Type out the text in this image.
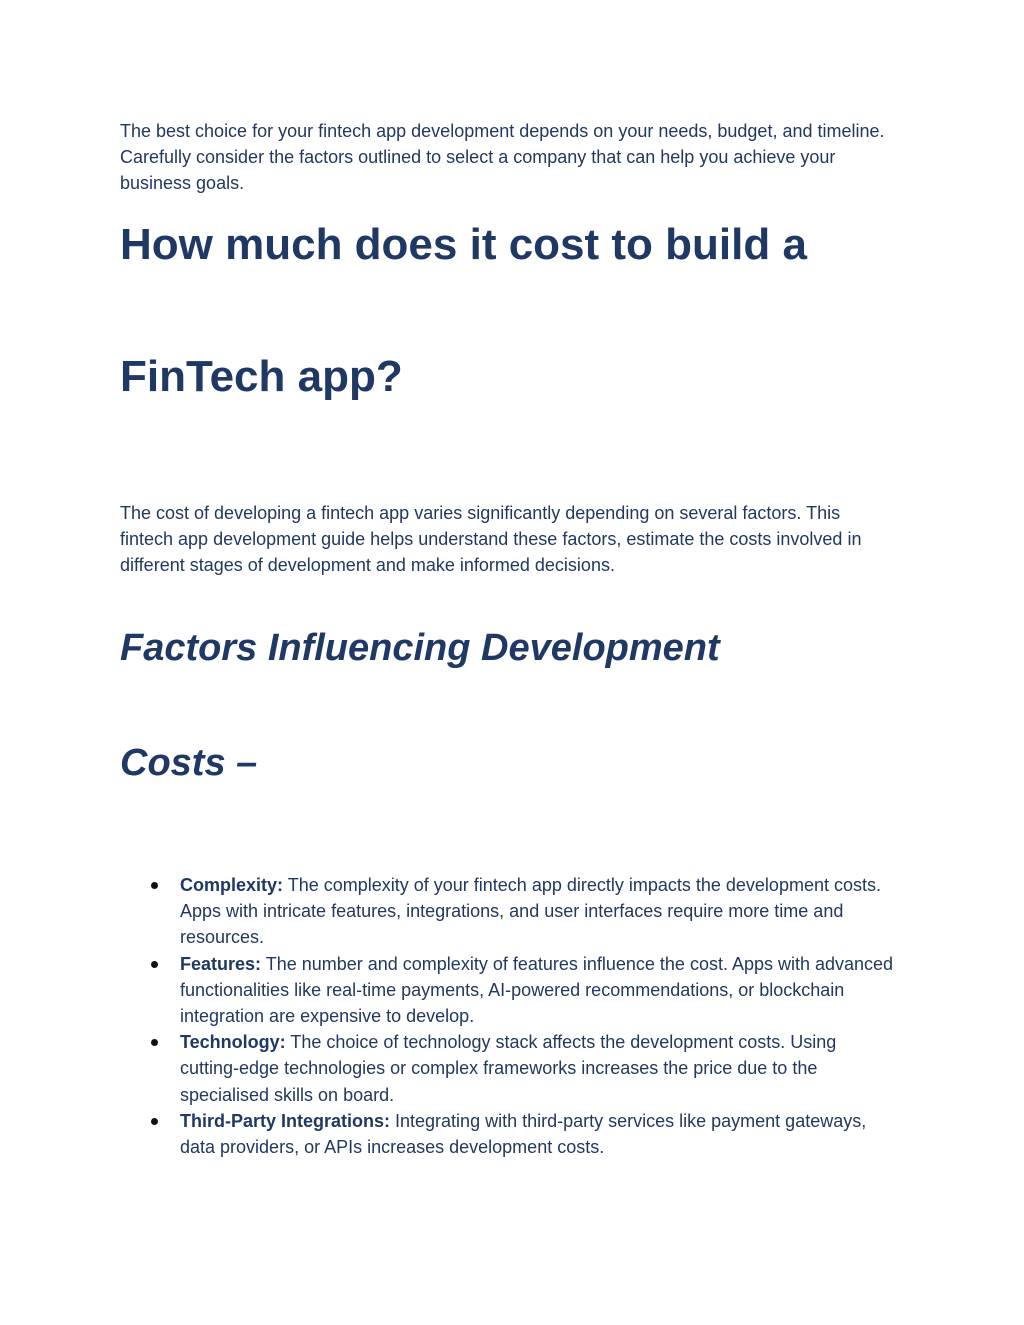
The best choice for your fintech app development depends on your needs, budget, and timeline. Carefully consider the factors outlined to select a company that can help you achieve your business goals.

How much does it cost to build a
FinTech app?

The cost of developing a fintech app varies significantly depending on several factors. This fintech app development guide helps understand these factors, estimate the costs involved in different stages of development and make informed decisions.

Factors Influencing Development
Costs –
Complexity: The complexity of your fintech app directly impacts the development costs. Apps with intricate features, integrations, and user interfaces require more time and resources.
Features: The number and complexity of features influence the cost. Apps with advanced functionalities like real-time payments, AI-powered recommendations, or blockchain integration are expensive to develop.
Technology: The choice of technology stack affects the development costs. Using cutting-edge technologies or complex frameworks increases the price due to the specialised skills on board.
Third-Party Integrations: Integrating with third-party services like payment gateways, data providers, or APIs increases development costs.
